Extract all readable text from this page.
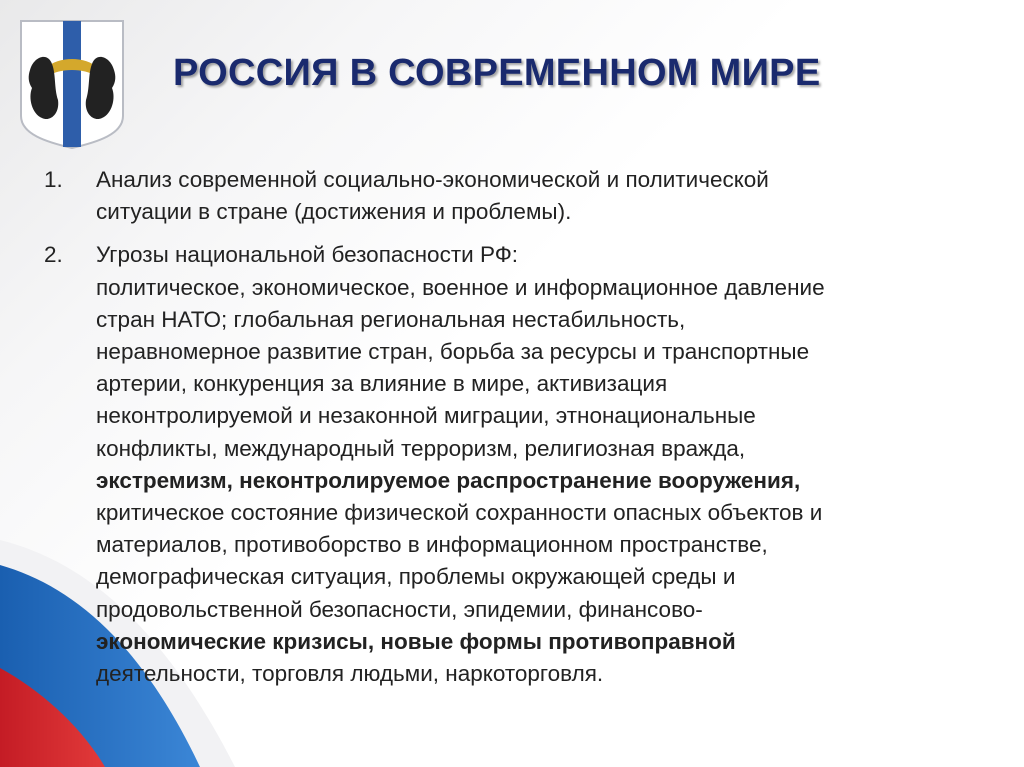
РОССИЯ В СОВРЕМЕННОМ МИРЕ
1.	Анализ современной социально-экономической и политической
ситуации в стране (достижения и проблемы).
2.	Угрозы национальной безопасности РФ:
политическое, экономическое, военное и информационное давление
стран НАТО; глобальная региональная нестабильность,
неравномерное развитие стран, борьба за ресурсы и транспортные
артерии, конкуренция за влияние в мире, активизация
неконтролируемой и незаконной миграции, этнонациональные
конфликты, международный терроризм, религиозная вражда,
экстремизм, неконтролируемое распространение вооружения,
критическое состояние физической сохранности опасных объектов и
материалов, противоборство в информационном пространстве,
демографическая ситуация, проблемы окружающей среды и
продовольственной безопасности, эпидемии, финансово-
экономические кризисы, новые формы противоправной
деятельности, торговля людьми, наркоторговля.
